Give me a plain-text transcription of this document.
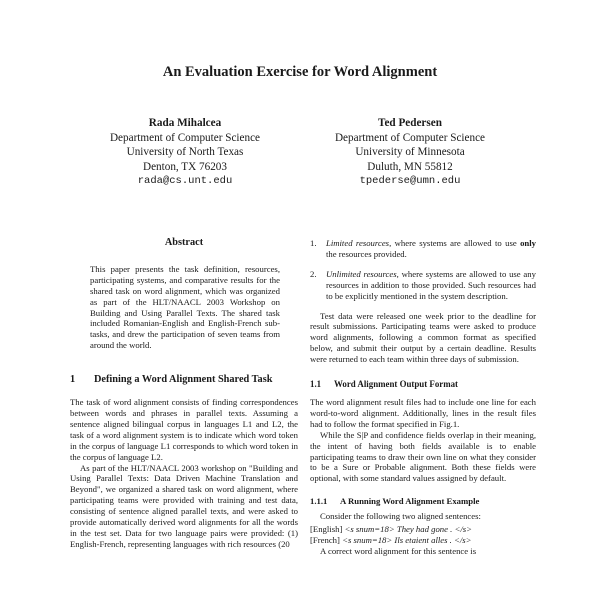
An Evaluation Exercise for Word Alignment
Rada Mihalcea
Department of Computer Science
University of North Texas
Denton, TX 76203
rada@cs.unt.edu
Ted Pedersen
Department of Computer Science
University of Minnesota
Duluth, MN 55812
tpederse@umn.edu
Abstract

This paper presents the task definition, resources, participating systems, and comparative results for the shared task on word alignment, which was organized as part of the HLT/NAACL 2003 Workshop on Building and Using Parallel Texts. The shared task included Romanian-English and English-French sub-tasks, and drew the participation of seven teams from around the world.

1	Defining a Word Alignment Shared Task

The task of word alignment consists of finding correspondences between words and phrases in parallel texts. Assuming a sentence aligned bilingual corpus in languages L1 and L2, the task of a word alignment system is to indicate which word token in the corpus of language L1 corresponds to which word token in the corpus of language L2.

As part of the HLT/NAACL 2003 workshop on "Building and Using Parallel Texts: Data Driven Machine Translation and Beyond", we organized a shared task on word alignment, where participating teams were provided with training and test data, consisting of sentence aligned parallel texts, and were asked to provide automatically derived word alignments for all the words in the test set. Data for two language pairs were provided: (1) English-French, representing languages with rich resources (20

1.	Limited resources, where systems are allowed to use only the resources provided.
2.	Unlimited resources, where systems are allowed to use any resources in addition to those provided. Such resources had to be explicitly mentioned in the system description.

Test data were released one week prior to the deadline for result submissions. Participating teams were asked to produce word alignments, following a common format as specified below, and submit their output by a certain deadline. Results were returned to each team within three days of submission.

1.1	Word Alignment Output Format

The word alignment result files had to include one line for each word-to-word alignment. Additionally, lines in the result files had to follow the format specified in Fig.1.

While the S|P and confidence fields overlap in their meaning, the intent of having both fields available is to enable participating teams to draw their own line on what they consider to be a Sure or Probable alignment. Both these fields were optional, with some standard values assigned by default.

1.1.1	A Running Word Alignment Example

Consider the following two aligned sentences:

[English] <s snum=18> They had gone . </s>

[French] <s snum=18> Ils etaient alles . </s>

A correct word alignment for this sentence is
